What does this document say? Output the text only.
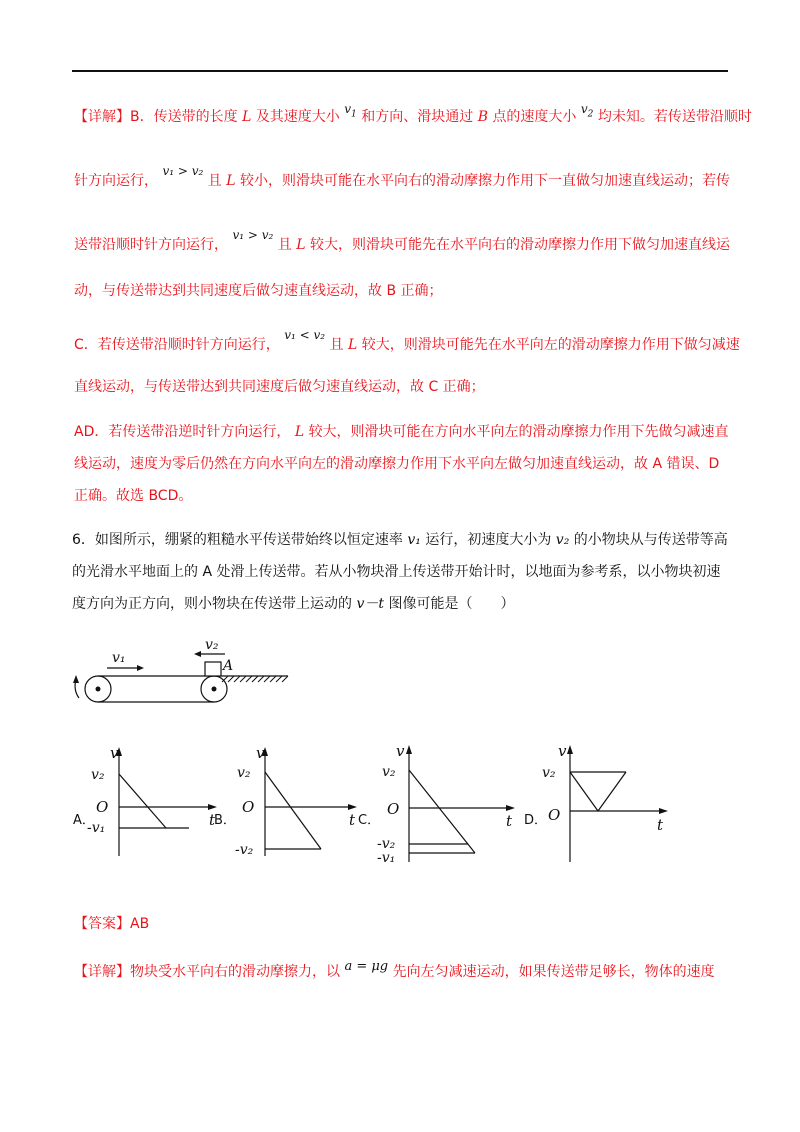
【详解】B．传送带的长度 L 及其速度大小 $v_1$ 和方向、滑块通过 B 点的速度大小 $v_2$ 均未知。若传送带沿顺时
针方向运行， v₁ > v₂ 且 L 较小，则滑块可能在水平向右的滑动摩擦力作用下一直做匀加速直线运动；若传
送带沿顺时针方向运行， v₁ > v₂ 且 L 较大，则滑块可能先在水平向右的滑动摩擦力作用下做匀加速直线运
动，与传送带达到共同速度后做匀速直线运动，故 B 正确；
C．若传送带沿顺时针方向运行， v₁ < v₂ 且 L 较大，则滑块可能先在水平向左的滑动摩擦力作用下做匀减速
直线运动，与传送带达到共同速度后做匀速直线运动，故 C 正确；
AD．若传送带沿逆时针方向运行， L 较大，则滑块可能在方向水平向左的滑动摩擦力作用下先做匀减速直
线运动，速度为零后仍然在方向水平向左的滑动摩擦力作用下水平向左做匀加速直线运动，故 A 错误、D
正确。故选 BCD。
6．如图所示，绷紧的粗糙水平传送带始终以恒定速率 v₁ 运行，初速度大小为 v₂ 的小物块从与传送带等高
的光滑水平地面上的 A 处滑上传送带。若从小物块滑上传送带开始计时，以地面为参考系，以小物块初速
度方向为正方向，则小物块在传送带上运动的 v－t 图像可能是（　　）
v₁	A
v₂
A．
v
v₂
O
-v₁	t
B．
v
v₂
O
-v₂
t C．
v
v₂
O
-v₂
-v₁
t D．
v
v₂
O
t
【答案】AB
【详解】物块受水平向右的滑动摩擦力，以 a = μg 先向左匀减速运动，如果传送带足够长，物体的速度
